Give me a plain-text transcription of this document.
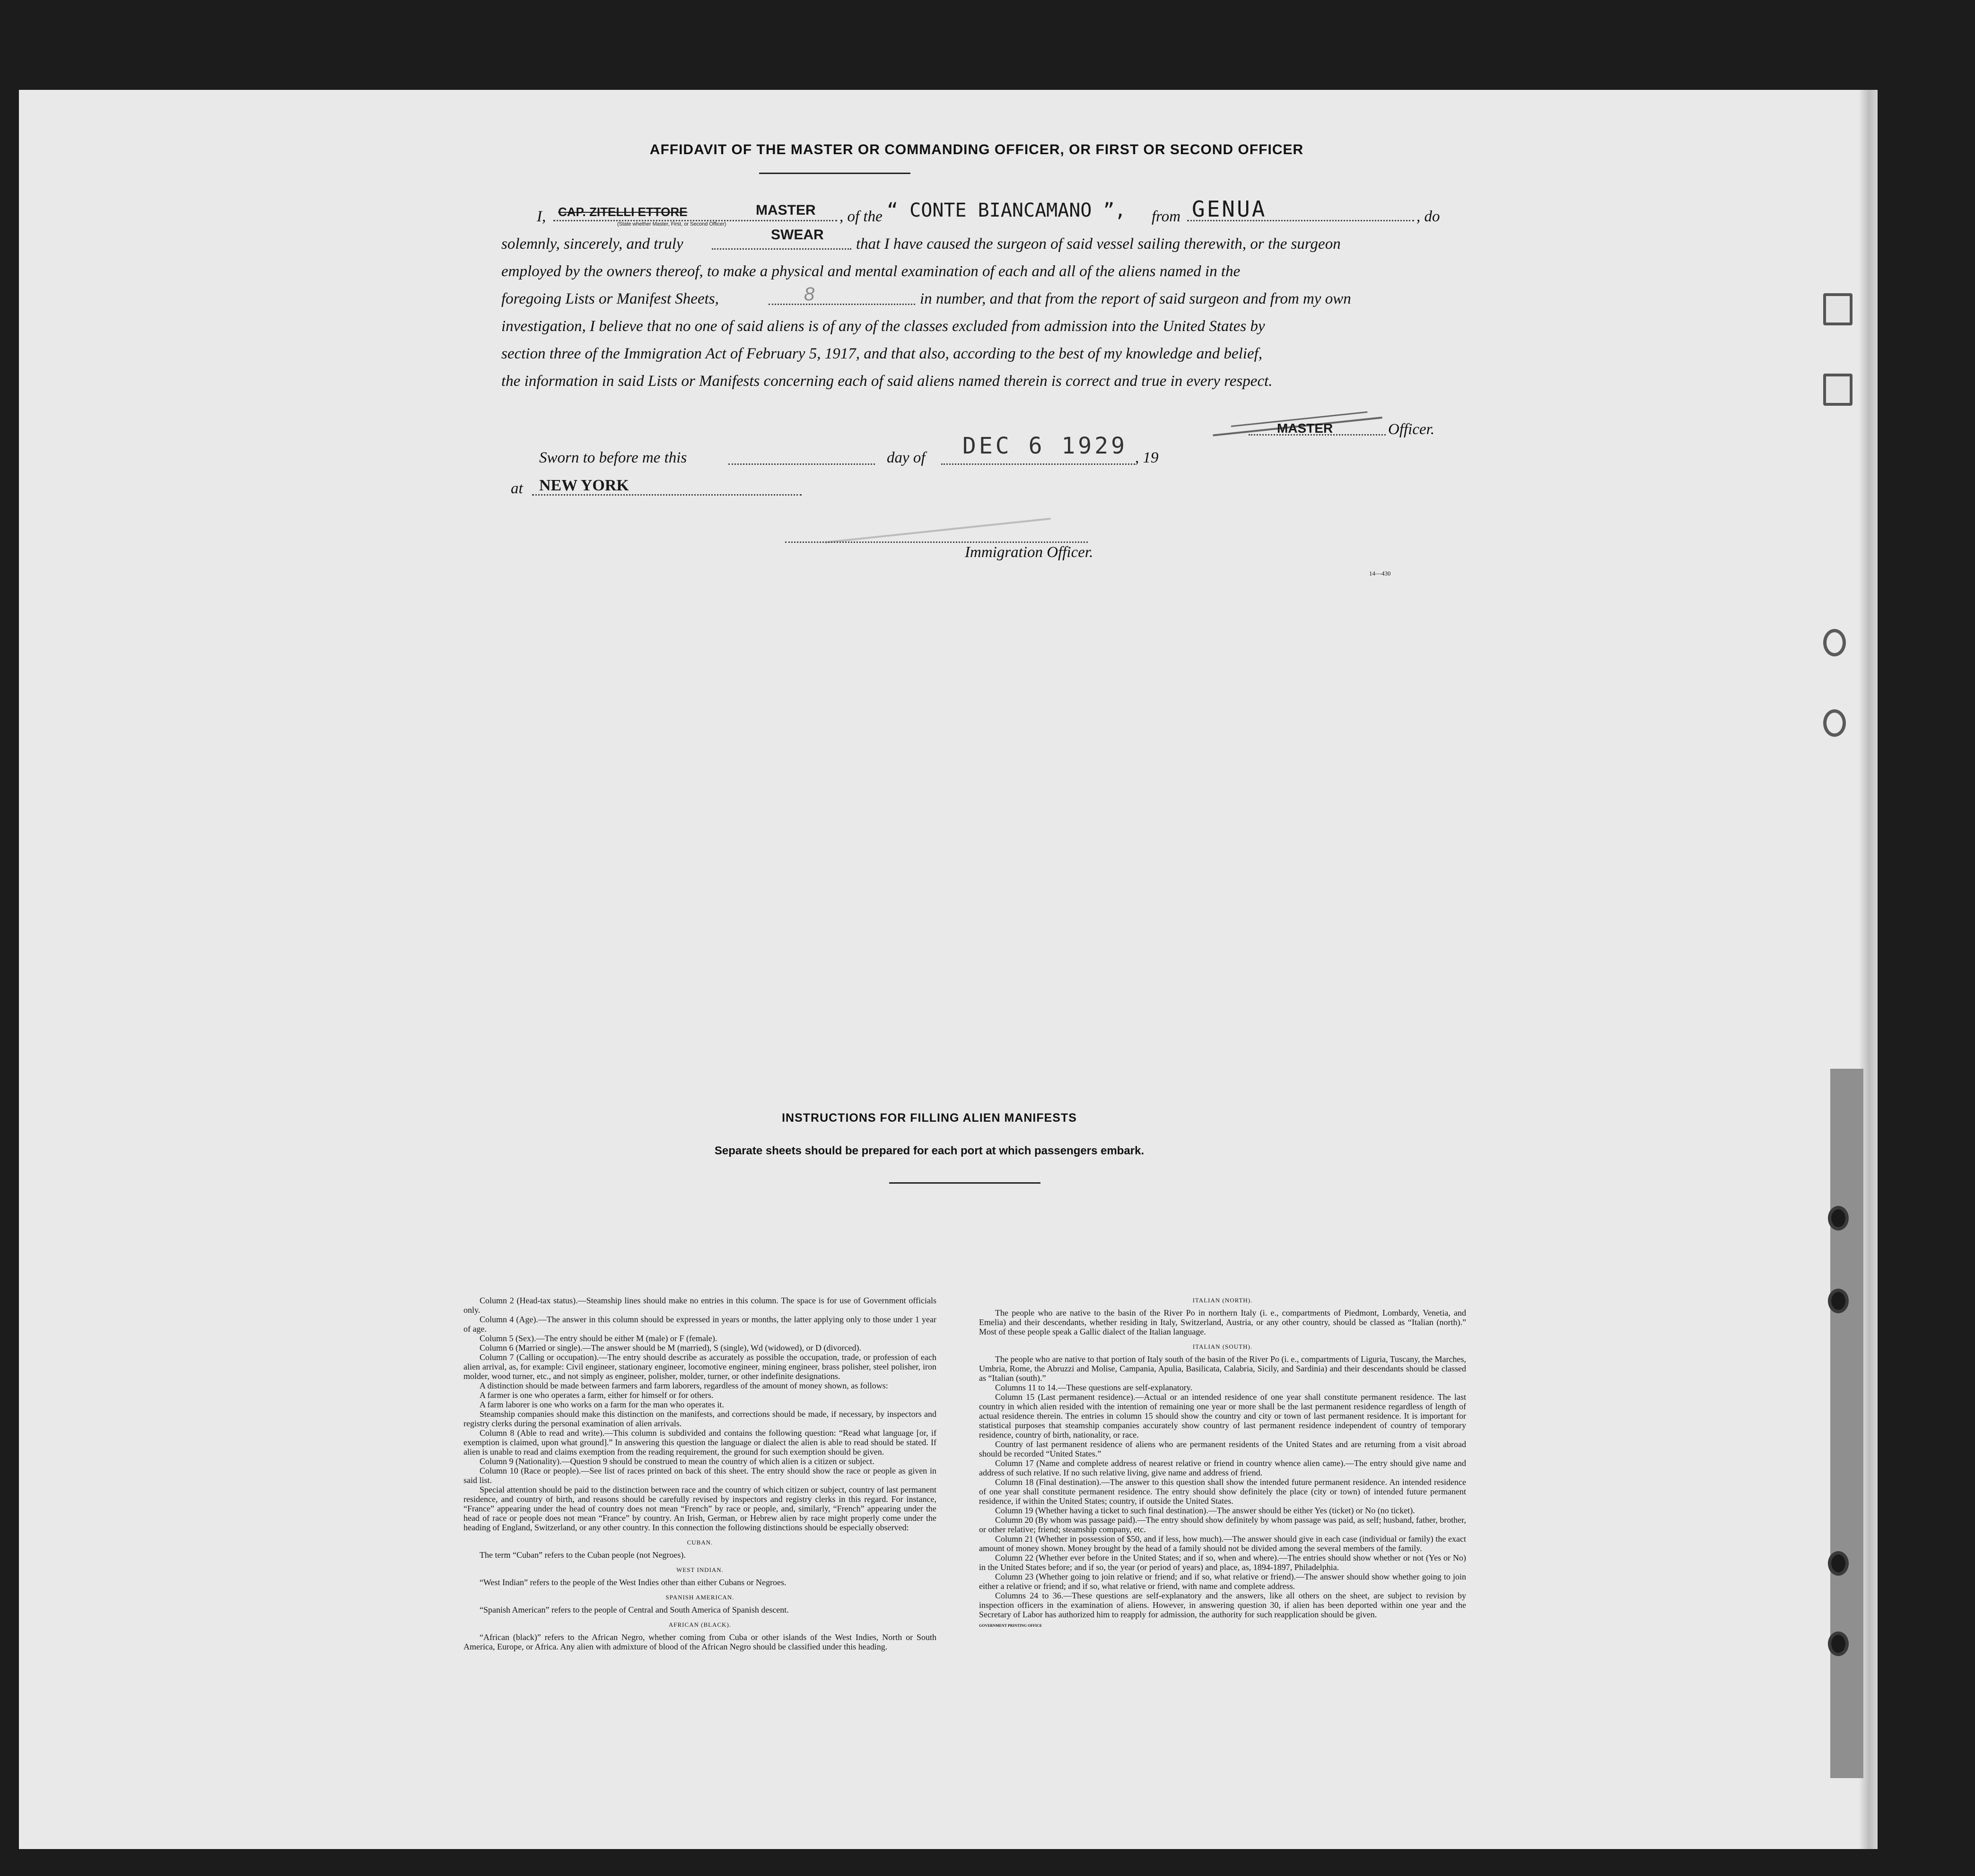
AFFIDAVIT OF THE MASTER OR COMMANDING OFFICER, OR FIRST OR SECOND OFFICER
I, CAP. ZITELLI ETTORE	MASTER
(State whether Master, First, or Second Officer)	, of the “ CONTE BIANCAMANO ”, from GENUA	, do
solemnly, sincerely, and truly
SWEAR
that I have caused the surgeon of said vessel sailing therewith, or the surgeon
employed by the owners thereof, to make a physical and mental examination of each and all of the aliens named in the
foregoing Lists or Manifest Sheets,	8	in number, and that from the report of said surgeon and from my own
investigation, I believe that no one of said aliens is of any of the classes excluded from admission into the United States by
section three of the Immigration Act of February 5, 1917, and that also, according to the best of my knowledge and belief,
the information in said Lists or Manifests concerning each of said aliens named therein is correct and true in every respect.
MASTER	Officer.
Sworn to before me this	day of DEC 6 1929 , 19
at NEW YORK
Immigration Officer.
14—430
INSTRUCTIONS FOR FILLING ALIEN MANIFESTS
Separate sheets should be prepared for each port at which passengers embark.

Column 2 (Head-tax status).—Steamship lines should make no entries in this column. The space is for use of Government officials only.

Column 4 (Age).—The answer in this column should be expressed in years or months, the latter applying only to those under 1 year of age.

Column 5 (Sex).—The entry should be either M (male) or F (female).

Column 6 (Married or single).—The answer should be M (married), S (single), Wd (widowed), or D (divorced).

Column 7 (Calling or occupation).—The entry should describe as accurately as possible the occupation, trade, or profession of each alien arrival, as, for example: Civil engineer, stationary engineer, locomotive engineer, mining engineer, brass polisher, steel polisher, iron molder, wood turner, etc., and not simply as engineer, polisher, molder, turner, or other indefinite designations.

A distinction should be made between farmers and farm laborers, regardless of the amount of money shown, as follows:

A farmer is one who operates a farm, either for himself or for others.

A farm laborer is one who works on a farm for the man who operates it.

Steamship companies should make this distinction on the manifests, and corrections should be made, if necessary, by inspectors and registry clerks during the personal examination of alien arrivals.

Column 8 (Able to read and write).—This column is subdivided and contains the following question: “Read what language [or, if exemption is claimed, upon what ground].” In answering this question the language or dialect the alien is able to read should be stated. If alien is unable to read and claims exemption from the reading requirement, the ground for such exemption should be given.

Column 9 (Nationality).—Question 9 should be construed to mean the country of which alien is a citizen or subject.

Column 10 (Race or people).—See list of races printed on back of this sheet. The entry should show the race or people as given in said list.

Special attention should be paid to the distinction between race and the country of which citizen or subject, country of last permanent residence, and country of birth, and reasons should be carefully revised by inspectors and registry clerks in this regard. For instance, “France” appearing under the head of country does not mean “French” by race or people, and, similarly, “French” appearing under the head of race or people does not mean “France” by country. An Irish, German, or Hebrew alien by race might properly come under the heading of England, Switzerland, or any other country. In this connection the following distinctions should be especially observed:

CUBAN.

The term “Cuban” refers to the Cuban people (not Negroes).

WEST INDIAN.

“West Indian” refers to the people of the West Indies other than either Cubans or Negroes.

SPANISH AMERICAN.

“Spanish American” refers to the people of Central and South America of Spanish descent.

AFRICAN (BLACK).

“African (black)” refers to the African Negro, whether coming from Cuba or other islands of the West Indies, North or South America, Europe, or Africa. Any alien with admixture of blood of the African Negro should be classified under this heading.

ITALIAN (NORTH).

The people who are native to the basin of the River Po in northern Italy (i. e., compartments of Piedmont, Lombardy, Venetia, and Emelia) and their descendants, whether residing in Italy, Switzerland, Austria, or any other country, should be classed as “Italian (north).” Most of these people speak a Gallic dialect of the Italian language.

ITALIAN (SOUTH).

The people who are native to that portion of Italy south of the basin of the River Po (i. e., compartments of Liguria, Tuscany, the Marches, Umbria, Rome, the Abruzzi and Molise, Campania, Apulia, Basilicata, Calabria, Sicily, and Sardinia) and their descendants should be classed as “Italian (south).”

Columns 11 to 14.—These questions are self-explanatory.

Column 15 (Last permanent residence).—Actual or an intended residence of one year shall constitute permanent residence. The last country in which alien resided with the intention of remaining one year or more shall be the last permanent residence regardless of length of actual residence therein. The entries in column 15 should show the country and city or town of last permanent residence. It is important for statistical purposes that steamship companies accurately show country of last permanent residence independent of country of temporary residence, country of birth, nationality, or race.

Country of last permanent residence of aliens who are permanent residents of the United States and are returning from a visit abroad should be recorded “United States.”

Column 17 (Name and complete address of nearest relative or friend in country whence alien came).—The entry should give name and address of such relative. If no such relative living, give name and address of friend.

Column 18 (Final destination).—The answer to this question shall show the intended future permanent residence. An intended residence of one year shall constitute permanent residence. The entry should show definitely the place (city or town) of intended future permanent residence, if within the United States; country, if outside the United States.

Column 19 (Whether having a ticket to such final destination).—The answer should be either Yes (ticket) or No (no ticket).

Column 20 (By whom was passage paid).—The entry should show definitely by whom passage was paid, as self; husband, father, brother, or other relative; friend; steamship company, etc.

Column 21 (Whether in possession of $50, and if less, how much).—The answer should give in each case (individual or family) the exact amount of money shown. Money brought by the head of a family should not be divided among the several members of the family.

Column 22 (Whether ever before in the United States; and if so, when and where).—The entries should show whether or not (Yes or No) in the United States before; and if so, the year (or period of years) and place, as, 1894-1897, Philadelphia.

Column 23 (Whether going to join relative or friend; and if so, what relative or friend).—The answer should show whether going to join either a relative or friend; and if so, what relative or friend, with name and complete address.

Columns 24 to 36.—These questions are self-explanatory and the answers, like all others on the sheet, are subject to revision by inspection officers in the examination of aliens. However, in answering question 30, if alien has been deported within one year and the Secretary of Labor has authorized him to reapply for admission, the authority for such reapplication should be given.

GOVERNMENT PRINTING OFFICE
